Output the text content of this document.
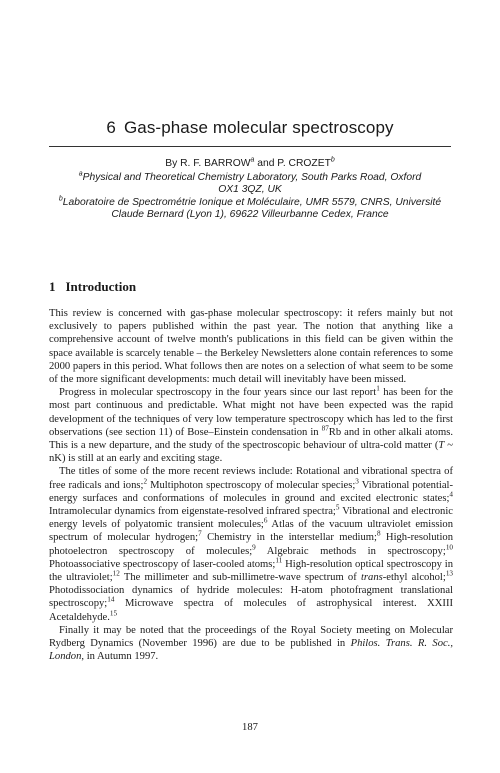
6 Gas-phase molecular spectroscopy
By R. F. BARROW$^a$ and P. CROZET$^b$
$^a$Physical and Theoretical Chemistry Laboratory, South Parks Road, Oxford
OX1 3QZ, UK
$^b$Laboratoire de Spectrométrie Ionique et Moléculaire, UMR 5579, CNRS, Université
Claude Bernard (Lyon 1), 69622 Villeurbanne Cedex, France
1 Introduction

This review is concerned with gas-phase molecular spectroscopy: it refers mainly but not exclusively to papers published within the past year. The notion that anything like a comprehensive account of twelve month's publications in this field can be given within the space available is scarcely tenable – the Berkeley Newsletters alone contain references to some 2000 papers in this period. What follows then are notes on a selection of what seem to be some of the more significant developments: much detail will inevitably have been missed.

Progress in molecular spectroscopy in the four years since our last report$^1$ has been for the most part continuous and predictable. What might not have been expected was the rapid development of the techniques of very low temperature spectroscopy which has led to the first observations (see section 11) of Bose–Einstein condensation in $^{87}$Rb and in other alkali atoms. This is a new departure, and the study of the spectroscopic behaviour of ultra-cold matter (T ~ nK) is still at an early and exciting stage.

The titles of some of the more recent reviews include: Rotational and vibrational spectra of free radicals and ions;$^2$ Multiphoton spectroscopy of molecular species;$^3$ Vibrational potential-energy surfaces and conformations of molecules in ground and excited electronic states;$^4$ Intramolecular dynamics from eigenstate-resolved infrared spectra;$^5$ Vibrational and electronic energy levels of polyatomic transient molecules;$^6$ Atlas of the vacuum ultraviolet emission spectrum of molecular hydrogen;$^7$ Chemistry in the interstellar medium;$^8$ High-resolution photoelectron spectroscopy of molecules;$^9$ Algebraic methods in spectroscopy;$^{10}$ Photoassociative spectroscopy of laser-cooled atoms;$^{11}$ High-resolution optical spectroscopy in the ultraviolet;$^{12}$ The millimeter and sub-millimetre-wave spectrum of trans-ethyl alcohol;$^{13}$ Photodissociation dynamics of hydride molecules: H-atom photofragment translational spectroscopy;$^{14}$ Microwave spectra of molecules of astrophysical interest. XXIII Acetaldehyde.$^{15}$

Finally it may be noted that the proceedings of the Royal Society meeting on Molecular Rydberg Dynamics (November 1996) are due to be published in Philos. Trans. R. Soc., London, in Autumn 1997.

187
